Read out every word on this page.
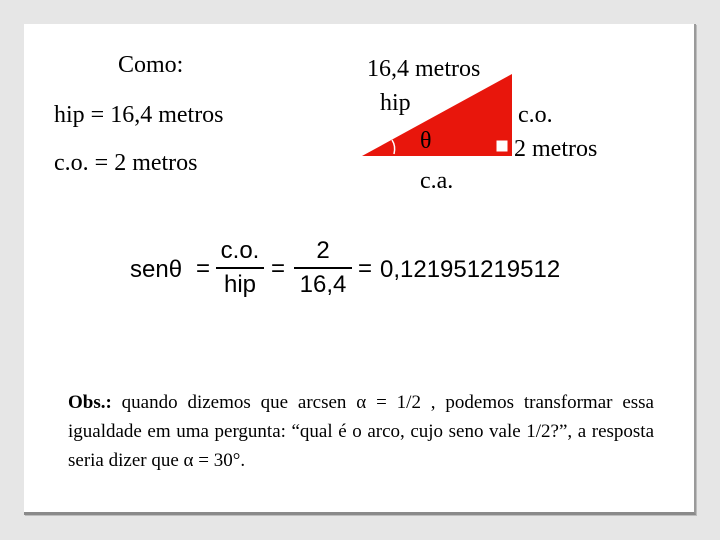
Como:
hip = 16,4 metros
c.o. = 2 metros
16,4 metros
hip
θ
c.o.
2 metros
c.a.
senθ =
c.o.
hip
=
2
16,4
= 0,12195121951​2
Obs.: quando dizemos que arcsen α = 1/2 , podemos transformar essa igualdade em uma pergunta: “qual é o arco, cujo seno vale 1/2?”, a resposta seria dizer que α = 30°.
